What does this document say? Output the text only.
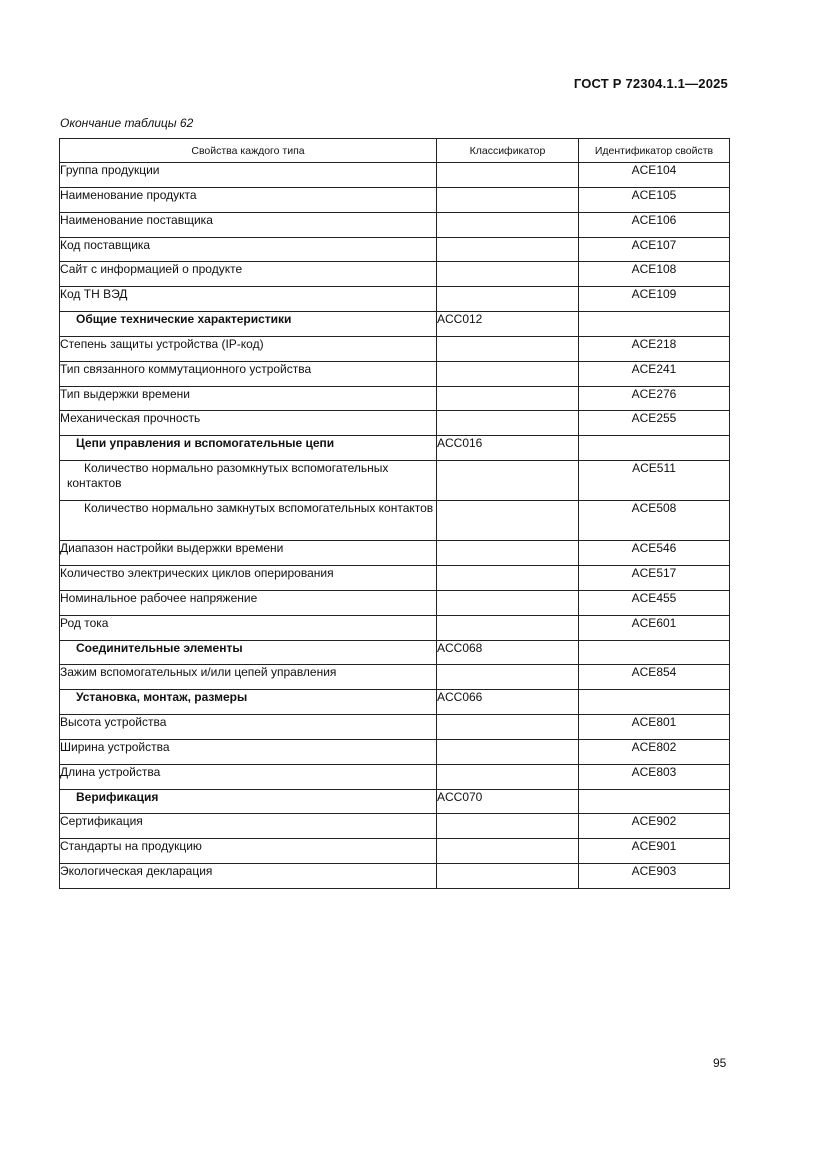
ГОСТ Р 72304.1.1—2025
Окончание таблицы 62
Свойства каждого типа	Классификатор	Идентификатор свойств
Группа продукции		ACE104
Наименование продукта		ACE105
Наименование поставщика		ACE106
Код поставщика		ACE107
Сайт с информацией о продукте		ACE108
Код ТН ВЭД		ACE109
Общие технические характеристики	ACC012	
Степень защиты устройства (IP-код)		ACE218
Тип связанного коммутационного устройства		ACE241
Тип выдержки времени		ACE276
Механическая прочность		ACE255
Цепи управления и вспомогательные цепи	ACC016	
Количество нормально разомкнутых вспомогательных контактов		ACE511
Количество нормально замкнутых вспомогательных контактов		ACE508
Диапазон настройки выдержки времени		ACE546
Количество электрических циклов оперирования		ACE517
Номинальное рабочее напряжение		ACE455
Род тока		ACE601
Соединительные элементы	ACC068	
Зажим вспомогательных и/или цепей управления		ACE854
Установка, монтаж, размеры	ACC066	
Высота устройства		ACE801
Ширина устройства		ACE802
Длина устройства		ACE803
Верификация	ACC070	
Сертификация		ACE902
Стандарты на продукцию		ACE901
Экологическая декларация		ACE903
95
